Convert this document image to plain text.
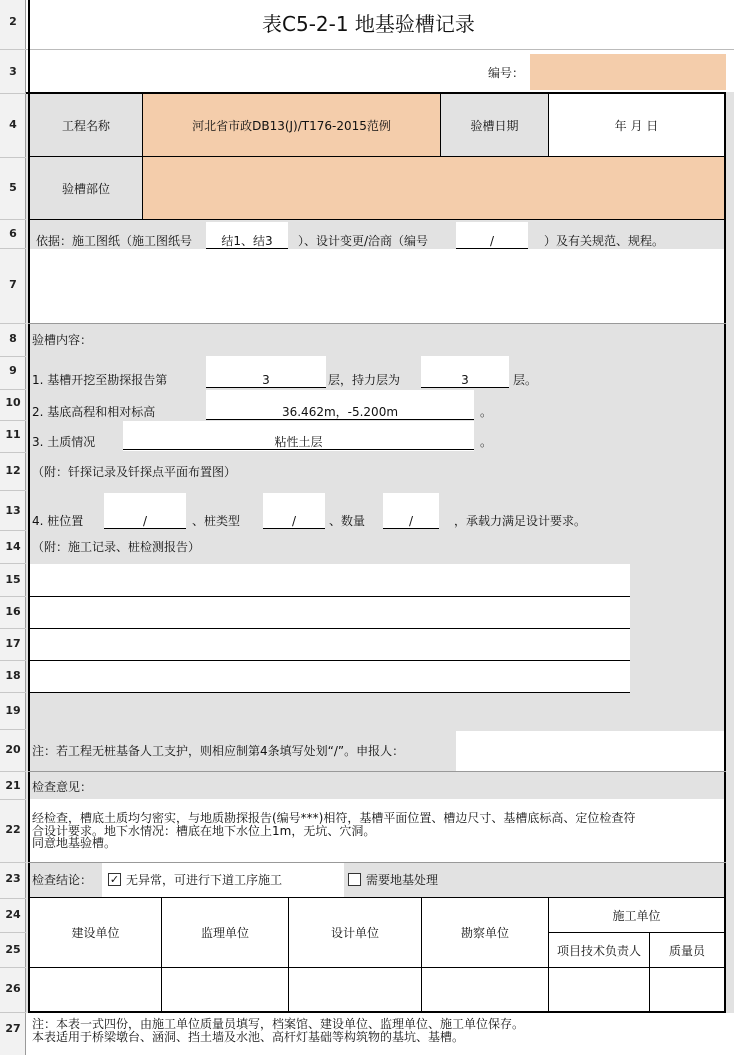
2
3
4
5
6
7
8
9
10
11
12
13
14
15
16
17
18
19
20
21
22
23
24
25
26
27
表C5-2-1 地基验槽记录
编号：
工程名称	河北省市政DB13(J)/T176-2015范例	验槽日期	年 月 日
验槽部位
依据：施工图纸（施工图纸号	结1、结3	）、设计变更/洽商（编号	/	）及有关规范、规程。
验槽内容：
1. 基槽开挖至勘探报告第	3	层，持力层为	3	层。
2. 基底高程和相对标高	36.462m，-5.200m	。
3. 土质情况	粘性土层	。
（附：钎探记录及钎探点平面布置图）
4. 桩位置	/	、桩类型	/	、数量	/	，承载力满足设计要求。
（附：施工记录、桩检测报告）
注：若工程无桩基备人工支护，则相应制第4条填写处划“/”。申报人：
检查意见：
经检查，槽底土质均匀密实，与地质勘探报告(编号***)相符，基槽平面位置、槽边尺寸、基槽底标高、定位检查符
合设计要求。地下水情况：槽底在地下水位上1m，无坑、穴洞。
同意地基验槽。
检查结论： ✓ 无异常，可进行下道工序施工	需要地基处理
建设单位	监理单位	设计单位	勘察单位
施工单位
项目技术负责人	质量员
注：本表一式四份，由施工单位质量员填写，档案馆、建设单位、监理单位、施工单位保存。
本表适用于桥梁墩台、涵洞、挡土墙及水池、高杆灯基础等构筑物的基坑、基槽。
